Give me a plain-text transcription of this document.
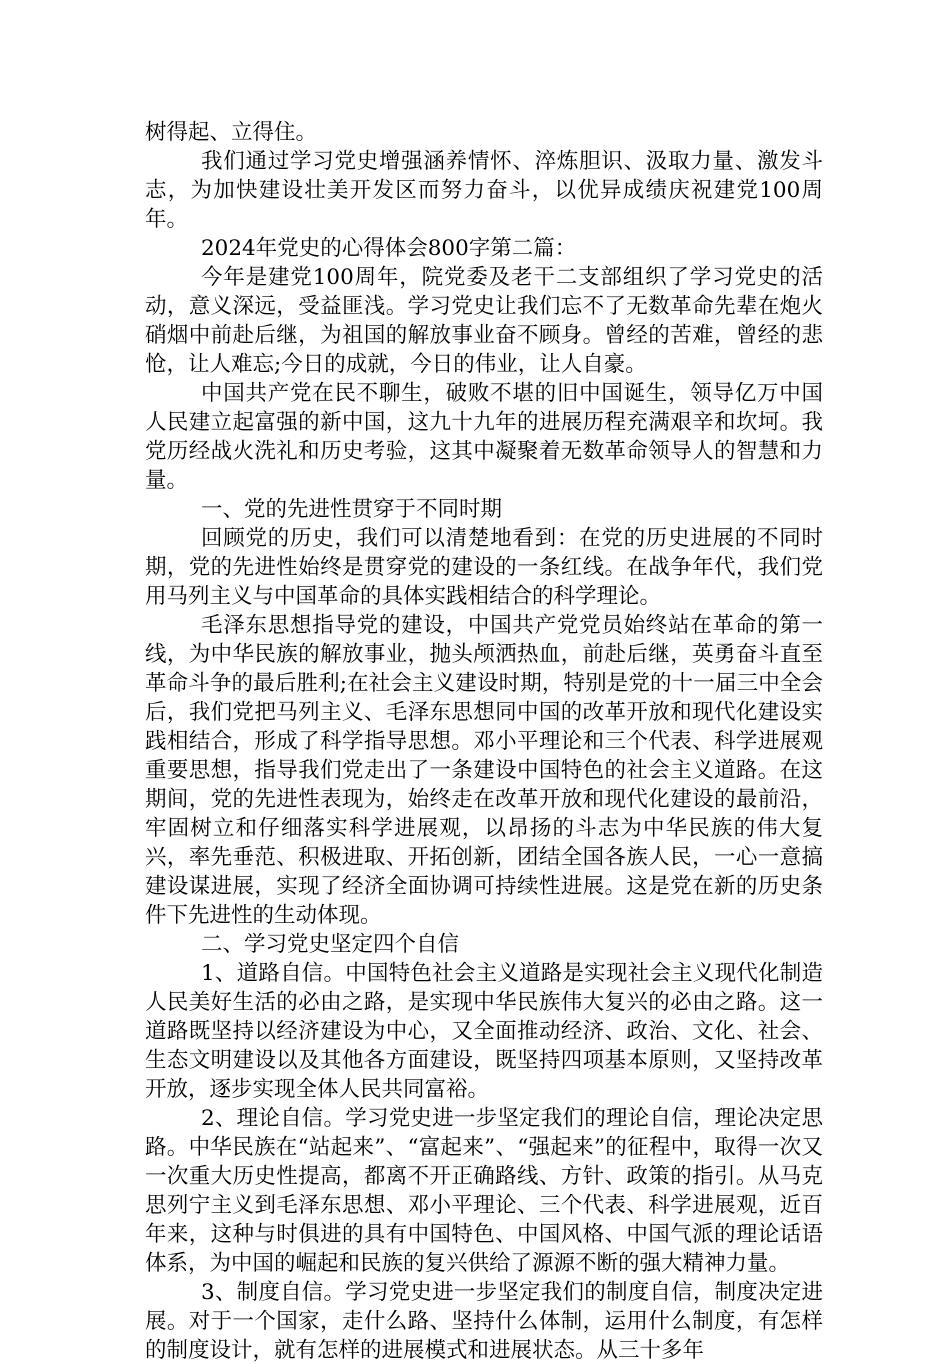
树得起、立得住。

我们通过学习党史增强涵养情怀、淬炼胆识、汲取力量、激发斗志，为加快建设壮美开发区而努力奋斗，以优异成绩庆祝建党100周年。

2024年党史的心得体会800字第二篇：

今年是建党100周年，院党委及老干二支部组织了学习党史的活动，意义深远，受益匪浅。学习党史让我们忘不了无数革命先辈在炮火硝烟中前赴后继，为祖国的解放事业奋不顾身。曾经的苦难，曾经的悲怆，让人难忘;今日的成就，今日的伟业，让人自豪。

中国共产党在民不聊生，破败不堪的旧中国诞生，领导亿万中国人民建立起富强的新中国，这九十九年的进展历程充满艰辛和坎坷。我党历经战火洗礼和历史考验，这其中凝聚着无数革命领导人的智慧和力量。

一、党的先进性贯穿于不同时期

回顾党的历史，我们可以清楚地看到：在党的历史进展的不同时期，党的先进性始终是贯穿党的建设的一条红线。在战争年代，我们党用马列主义与中国革命的具体实践相结合的科学理论。

毛泽东思想指导党的建设，中国共产党党员始终站在革命的第一线，为中华民族的解放事业，抛头颅洒热血，前赴后继，英勇奋斗直至革命斗争的最后胜利;在社会主义建设时期，特别是党的十一届三中全会后，我们党把马列主义、毛泽东思想同中国的改革开放和现代化建设实践相结合，形成了科学指导思想。邓小平理论和三个代表、科学进展观重要思想，指导我们党走出了一条建设中国特色的社会主义道路。在这期间，党的先进性表现为，始终走在改革开放和现代化建设的最前沿，牢固树立和仔细落实科学进展观，以昂扬的斗志为中华民族的伟大复兴，率先垂范、积极进取、开拓创新，团结全国各族人民，一心一意搞建设谋进展，实现了经济全面协调可持续性进展。这是党在新的历史条件下先进性的生动体现。

二、学习党史坚定四个自信

1、道路自信。中国特色社会主义道路是实现社会主义现代化制造人民美好生活的必由之路，是实现中华民族伟大复兴的必由之路。这一道路既坚持以经济建设为中心，又全面推动经济、政治、文化、社会、生态文明建设以及其他各方面建设，既坚持四项基本原则，又坚持改革开放，逐步实现全体人民共同富裕。

2、理论自信。学习党史进一步坚定我们的理论自信，理论决定思路。中华民族在“站起来”、“富起来”、“强起来”的征程中，取得一次又一次重大历史性提高，都离不开正确路线、方针、政策的指引。从马克思列宁主义到毛泽东思想、邓小平理论、三个代表、科学进展观，近百年来，这种与时俱进的具有中国特色、中国风格、中国气派的理论话语体系，为中国的崛起和民族的复兴供给了源源不断的强大精神力量。

3、制度自信。学习党史进一步坚定我们的制度自信，制度决定进展。对于一个国家，走什么路、坚持什么体制，运用什么制度，有怎样的制度设计，就有怎样的进展模式和进展状态。从三十多年
